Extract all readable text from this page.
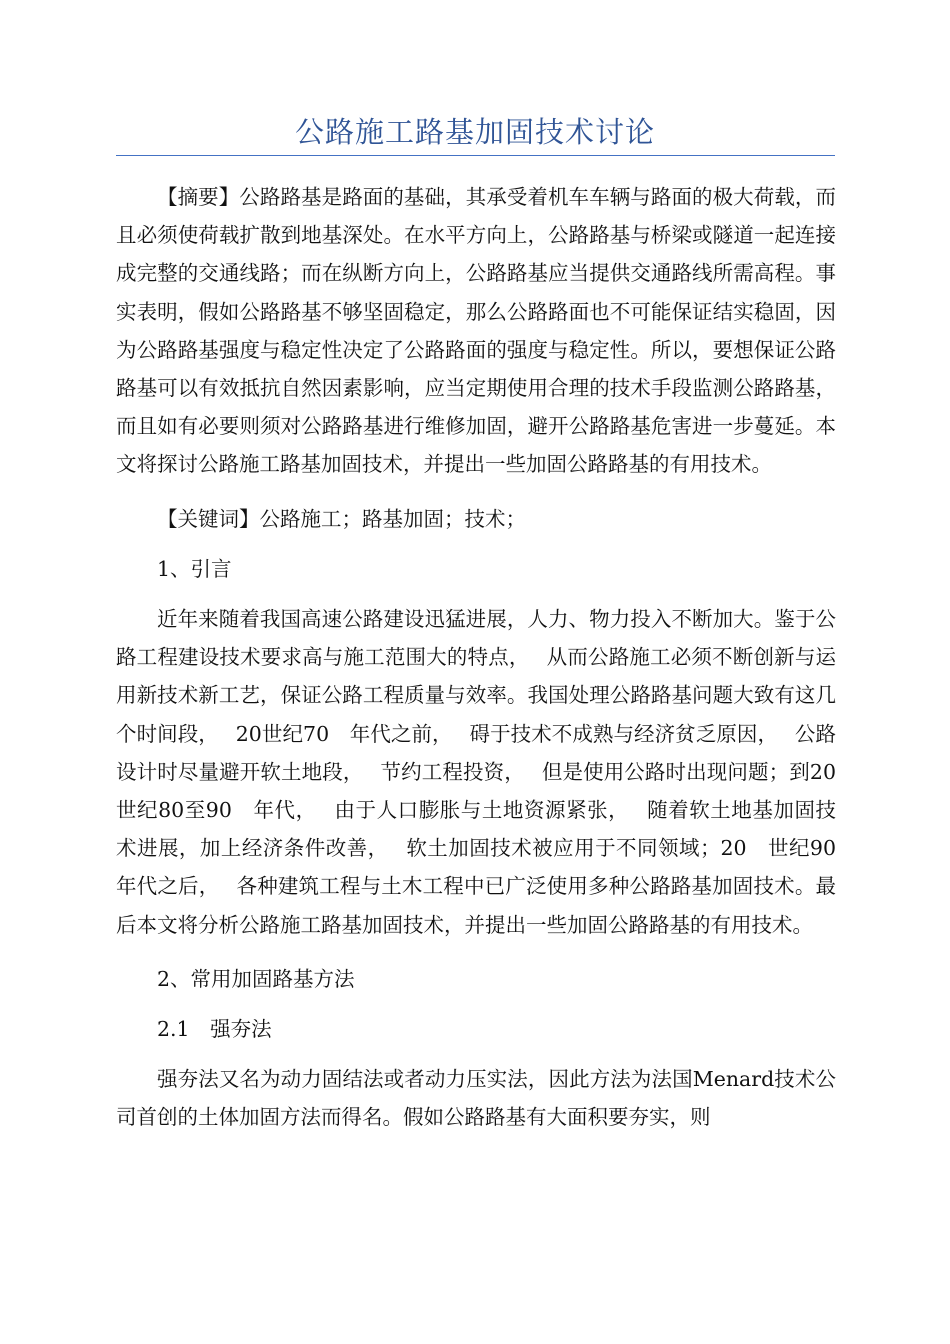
公路施工路基加固技术讨论

【摘要】公路路基是路面的基础，其承受着机车车辆与路面的极大荷载，而且必须使荷载扩散到地基深处。在水平方向上，公路路基与桥梁或隧道一起连接成完整的交通线路；而在纵断方向上，公路路基应当提供交通路线所需高程。事实表明，假如公路路基不够坚固稳定，那么公路路面也不可能保证结实稳固，因为公路路基强度与稳定性决定了公路路面的强度与稳定性。所以，要想保证公路路基可以有效抵抗自然因素影响，应当定期使用合理的技术手段监测公路路基，而且如有必要则须对公路路基进行维修加固，避开公路路基危害进一步蔓延。本文将探讨公路施工路基加固技术，并提出一些加固公路路基的有用技术。

【关键词】公路施工；路基加固；技术；

1、引言

近年来随着我国高速公路建设迅猛进展，人力、物力投入不断加大。鉴于公路工程建设技术要求高与施工范围大的特点，　 从而公路施工必须不断创新与运用新技术新工艺，保证公路工程质量与效率。我国处理公路路基问题大致有这几个时间段，　 20世纪70　年代之前，　 碍于技术不成熟与经济贫乏原因，　 公路设计时尽量避开软土地段，　 节约工程投资，　 但是使用公路时出现问题；到20　世纪80至90　年代，　 由于人口膨胀与土地资源紧张，　 随着软土地基加固技术进展，加上经济条件改善，　 软土加固技术被应用于不同领域；20　世纪90　年代之后，　 各种建筑工程与土木工程中已广泛使用多种公路路基加固技术。最后本文将分析公路施工路基加固技术，并提出一些加固公路路基的有用技术。

2、常用加固路基方法

2.1　强夯法

强夯法又名为动力固结法或者动力压实法，因此方法为法国Menard技术公司首创的土体加固方法而得名。假如公路路基有大面积要夯实，则
